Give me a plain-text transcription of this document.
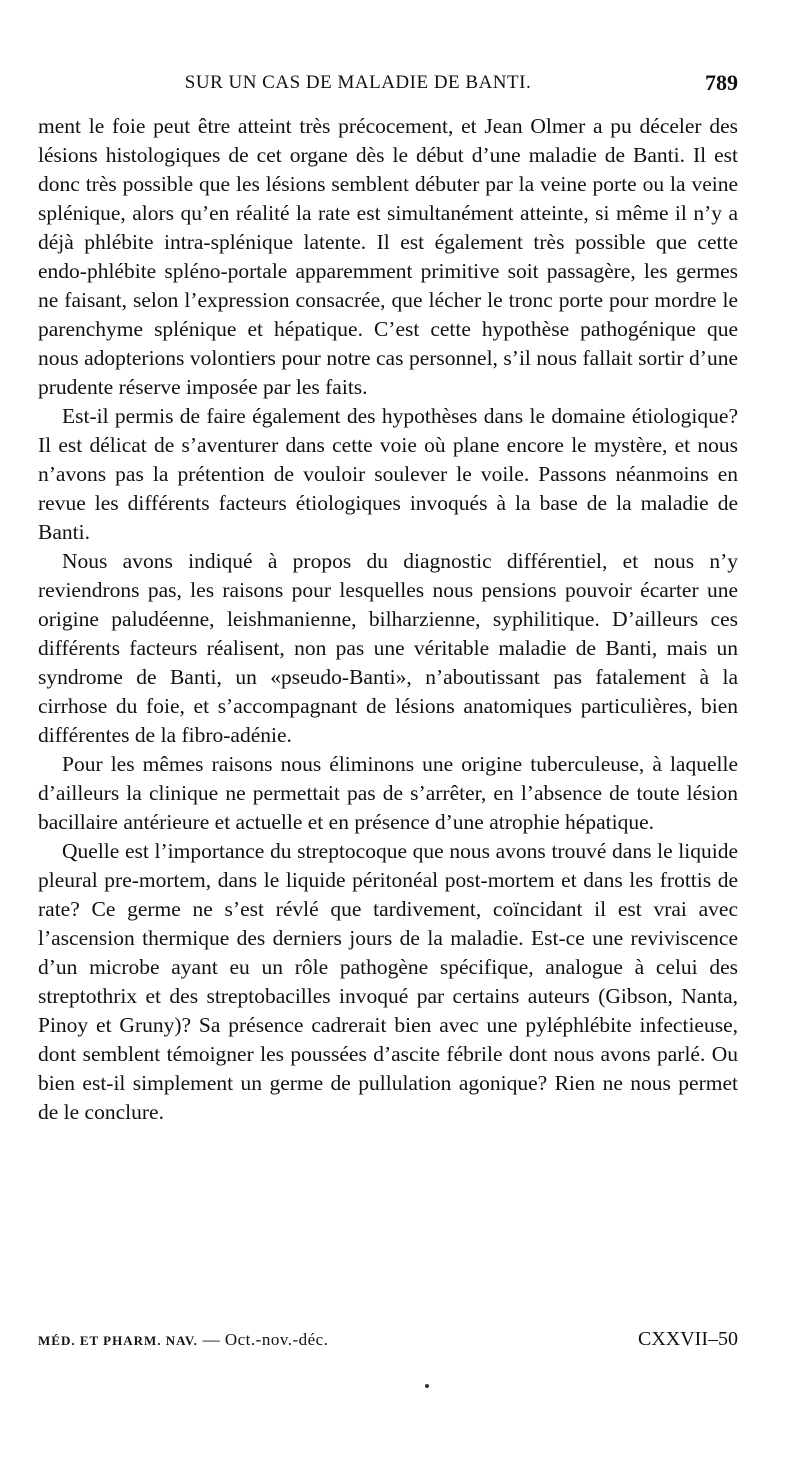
SUR UN CAS DE MALADIE DE BANTI.	789

ment le foie peut être atteint très précocement, et Jean Olmer a pu déceler des lésions histologiques de cet organe dès le début d’une maladie de Banti. Il est donc très possible que les lésions semblent débuter par la veine porte ou la veine splénique, alors qu’en réalité la rate est simultanément atteinte, si même il n’y a déjà phlébite intra-splénique latente. Il est également très possible que cette endo-phlébite spléno-portale apparemment primitive soit passagère, les germes ne faisant, selon l’expression consacrée, que lécher le tronc porte pour mordre le parenchyme splénique et hépatique. C’est cette hypothèse pathogénique que nous adopterions volontiers pour notre cas personnel, s’il nous fallait sortir d’une prudente réserve imposée par les faits.

Est-il permis de faire également des hypothèses dans le domaine étiologique? Il est délicat de s’aventurer dans cette voie où plane encore le mystère, et nous n’avons pas la prétention de vouloir soulever le voile. Passons néanmoins en revue les différents facteurs étiologiques invoqués à la base de la maladie de Banti.

Nous avons indiqué à propos du diagnostic différentiel, et nous n’y reviendrons pas, les raisons pour lesquelles nous pensions pouvoir écarter une origine paludéenne, leishmanienne, bilharzienne, syphilitique. D’ailleurs ces différents facteurs réalisent, non pas une véritable maladie de Banti, mais un syndrome de Banti, un «pseudo-Banti», n’aboutissant pas fatalement à la cirrhose du foie, et s’accompagnant de lésions anatomiques particulières, bien différentes de la fibro-adénie.

Pour les mêmes raisons nous éliminons une origine tuberculeuse, à laquelle d’ailleurs la clinique ne permettait pas de s’arrêter, en l’absence de toute lésion bacillaire antérieure et actuelle et en présence d’une atrophie hépatique.

Quelle est l’importance du streptocoque que nous avons trouvé dans le liquide pleural pre-mortem, dans le liquide péritonéal post-mortem et dans les frottis de rate? Ce germe ne s’est révlé que tardivement, coïncidant il est vrai avec l’ascension thermique des derniers jours de la maladie. Est-ce une reviviscence d’un microbe ayant eu un rôle pathogène spécifique, analogue à celui des streptothrix et des streptobacilles invoqué par certains auteurs (Gibson, Nanta, Pinoy et Gruny)? Sa présence cadrerait bien avec une pyléphlébite infectieuse, dont semblent témoigner les poussées d’ascite fébrile dont nous avons parlé. Ou bien est-il simplement un germe de pullulation agonique? Rien ne nous permet de le conclure.

MÉD. ET PHARM. NAV. — Oct.-nov.-déc.	CXXVII–50
